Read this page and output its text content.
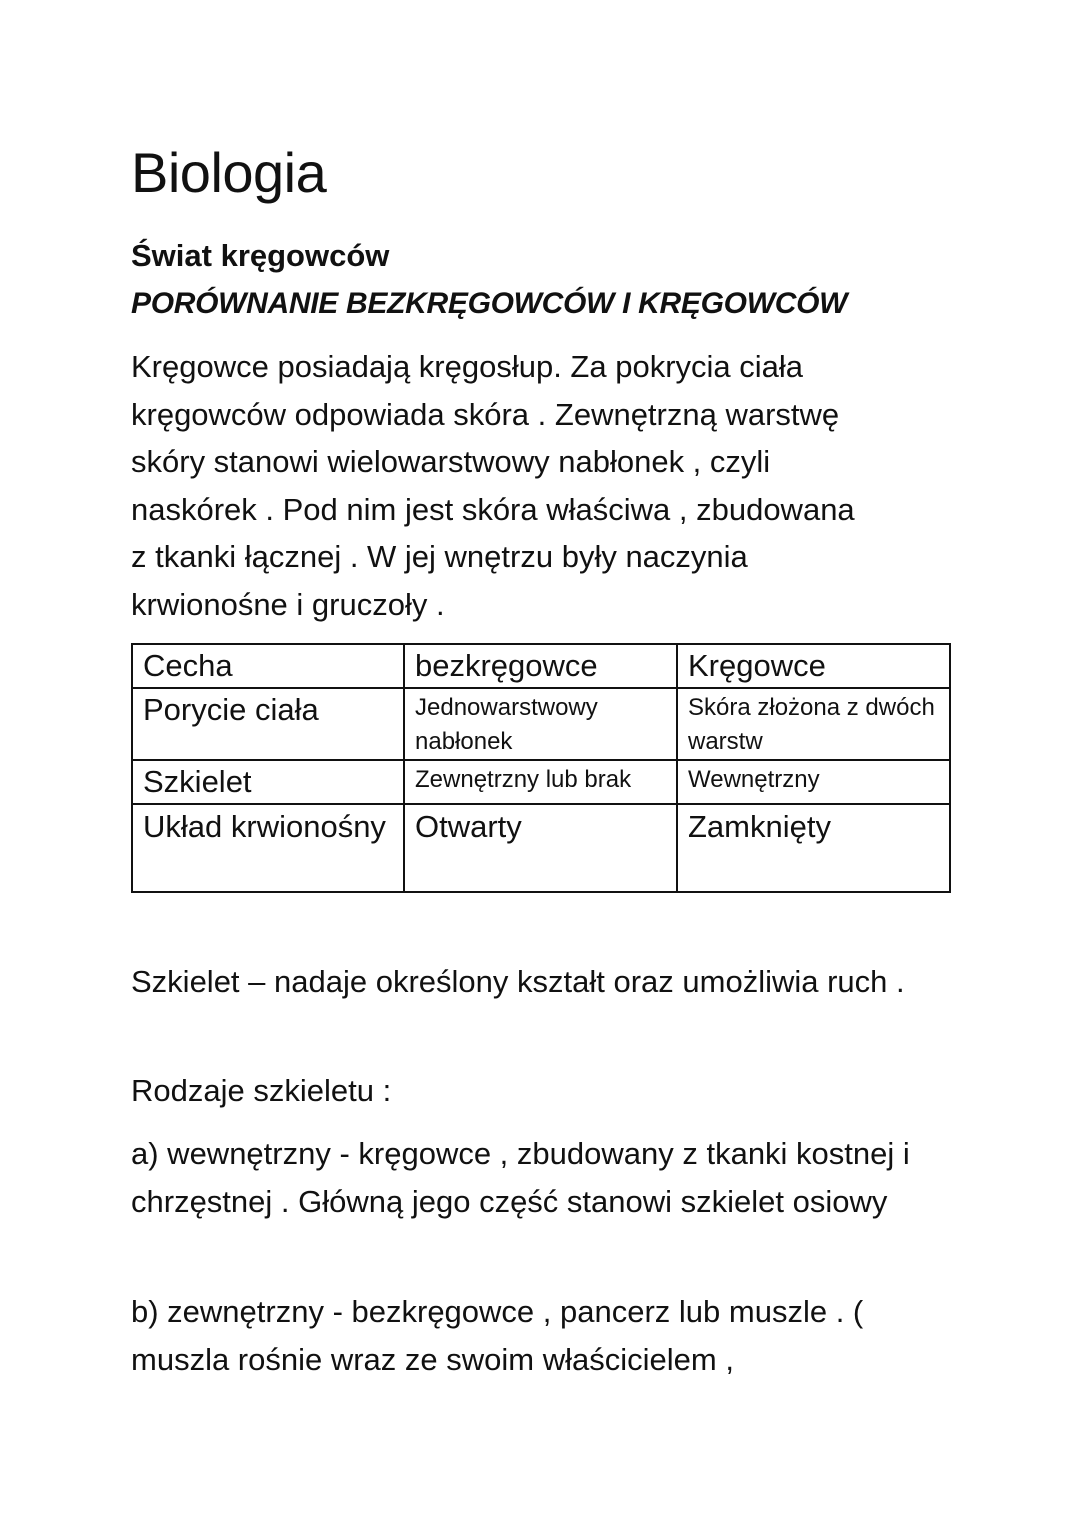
Biologia
Świat kręgowców
PORÓWNANIE BEZKRĘGOWCÓW I KRĘGOWCÓW

Kręgowce posiadają kręgosłup. Za pokrycia ciała
kręgowców odpowiada skóra . Zewnętrzną warstwę
skóry stanowi wielowarstwowy nabłonek , czyli
naskórek . Pod nim jest skóra właściwa , zbudowana
z tkanki łącznej . W jej wnętrzu były naczynia
krwionośne i gruczoły .

Cecha	bezkręgowce	Kręgowce

Porycie ciała	Jednowarstwowy nabłonek	Skóra złożona z dwóch warstw

Szkielet	Zewnętrzny lub brak	Wewnętrzny

Układ krwionośny	Otwarty	Zamknięty

Szkielet – nadaje określony kształt oraz umożliwia ruch .

Rodzaje szkieletu :

a) wewnętrzny - kręgowce , zbudowany z tkanki kostnej i chrzęstnej . Główną jego część stanowi szkielet osiowy

b) zewnętrzny - bezkręgowce , pancerz lub muszle . ( muszla rośnie wraz ze swoim właścicielem ,
